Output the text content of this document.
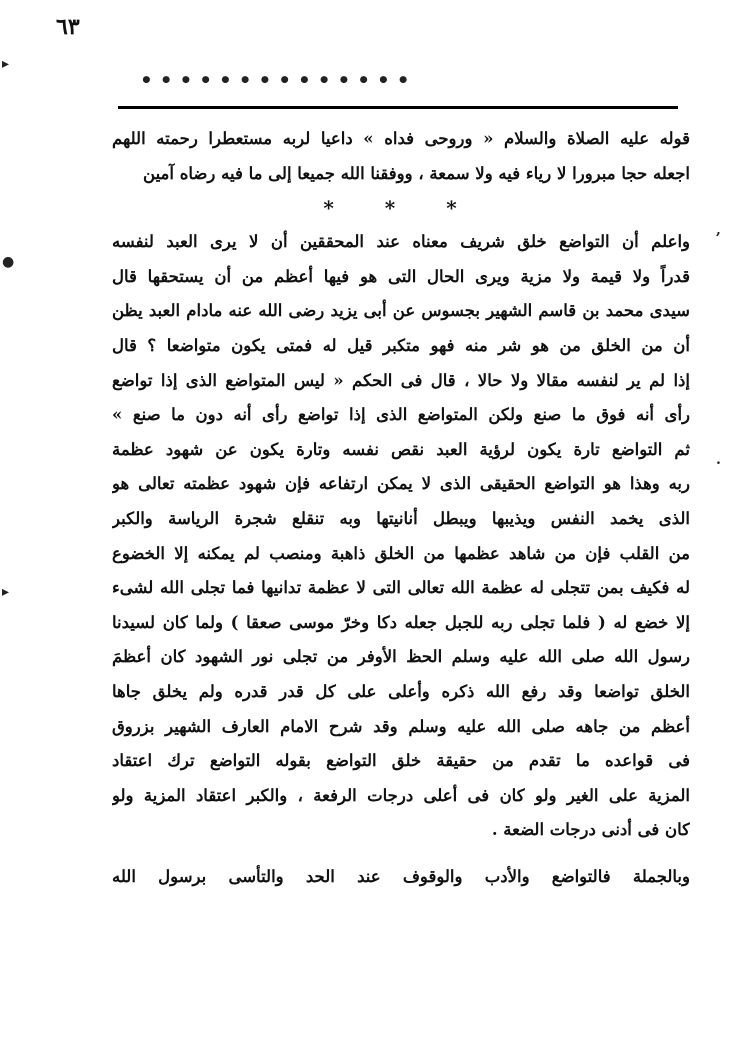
٦٣
• • • • • • • • • • • • • •
▸
●
▸
,
.
قوله عليه الصلاة والسلام « وروحى فداه » داعيا لربه مستعطرا رحمته اللهم
اجعله حجا مبرورا لا رياء فيه ولا سمعة ، ووفقنا الله جميعا إلى ما فيه رضاه آمين
* * *
واعلم أن التواضع خلق شريف معناه عند المحققين أن لا يرى العبد لنفسه
قدراً ولا قيمة ولا مزية ويرى الحال التى هو فيها أعظم من أن يستحقها قال
سيدى محمد بن قاسم الشهير بجسوس عن أبى يزيد رضى الله عنه مادام العبد يظن
أن من الخلق من هو شر منه فهو متكبر قيل له فمتى يكون متواضعا ؟ قال
إذا لم ير لنفسه مقالا ولا حالا ، قال فى الحكم « ليس المتواضع الذى إذا تواضع
رأى أنه فوق ما صنع ولكن المتواضع الذى إذا تواضع رأى أنه دون ما صنع »
ثم التواضع تارة يكون لرؤية العبد نقص نفسه وتارة يكون عن شهود عظمة
ربه وهذا هو التواضع الحقيقى الذى لا يمكن ارتفاعه فإن شهود عظمته تعالى هو
الذى يخمد النفس ويذيبها ويبطل أنانيتها وبه تنقلع شجرة الرياسة والكبر
من القلب فإن من شاهد عظمها من الخلق ذاهبة ومنصب لم يمكنه إلا الخضوع
له فكيف بمن تتجلى له عظمة الله تعالى التى لا عظمة تدانيها فما تجلى الله لشىء
إلا خضع له ( فلما تجلى ربه للجبل جعله دكا وخرّ موسى صعقا ) ولما كان لسيدنا
رسول الله صلى الله عليه وسلم الحظ الأوفر من تجلى نور الشهود كان أعظمَ
الخلق تواضعا وقد رفع الله ذكره وأعلى على كل قدر قدره ولم يخلق جاها
أعظم من جاهه صلى الله عليه وسلم وقد شرح الامام العارف الشهير بزروق
فى قواعده ما تقدم من حقيقة خلق التواضع بقوله التواضع ترك اعتقاد
المزية على الغير ولو كان فى أعلى درجات الرفعة ، والكبر اعتقاد المزية ولو
كان فى أدنى درجات الضعة .
وبالجملة فالتواضع والأدب والوقوف عند الحد والتأسى برسول الله
